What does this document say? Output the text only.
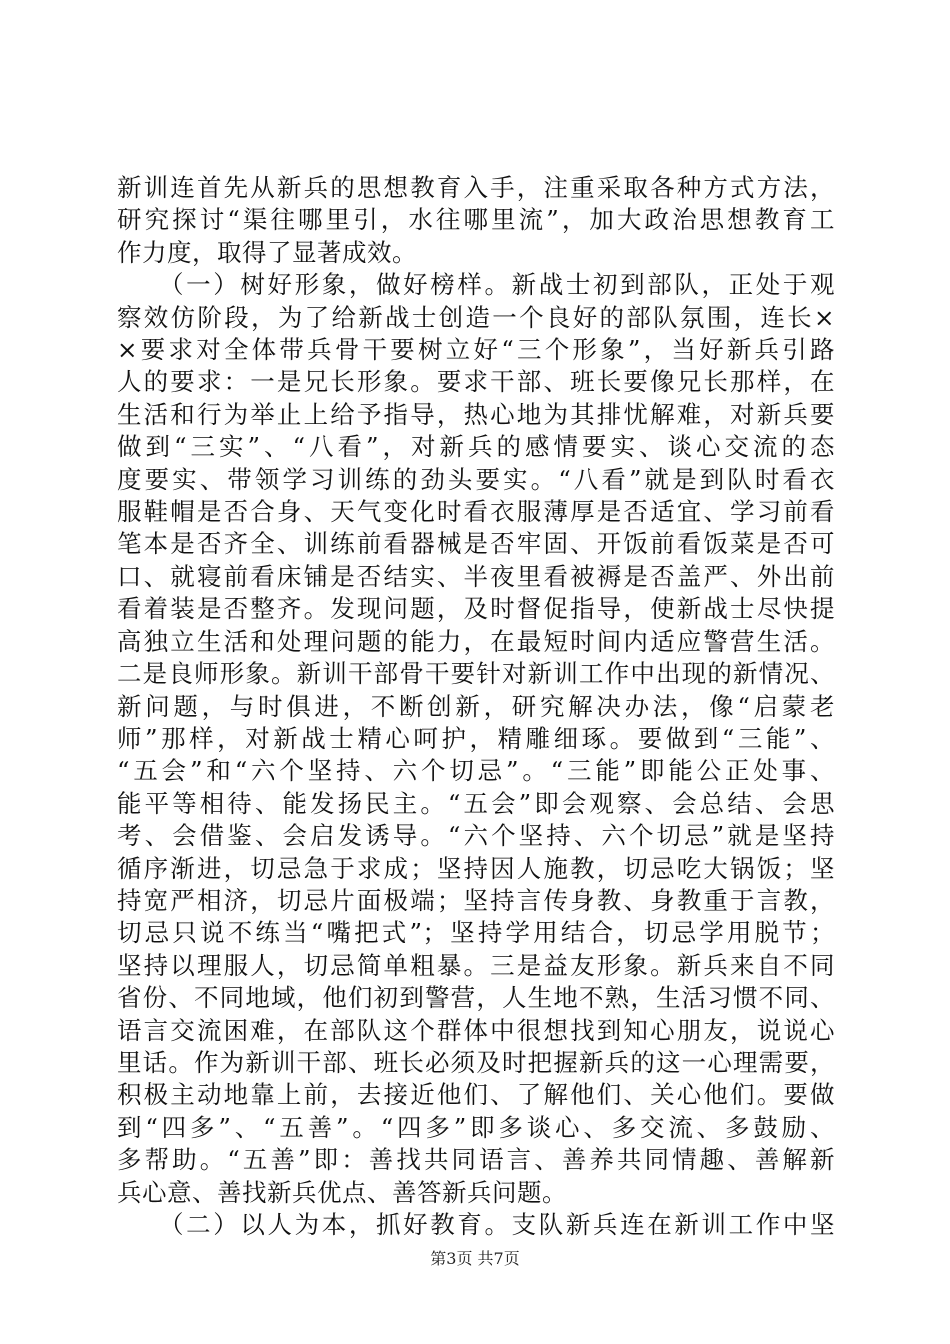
新训连首先从新兵的思想教育入手，注重采取各种方式方法，
研究探讨“渠往哪里引，水往哪里流”，加大政治思想教育工
作力度，取得了显著成效。
　　（一）树好形象，做好榜样。新战士初到部队，正处于观
察效仿阶段，为了给新战士创造一个良好的部队氛围，连长×
×要求对全体带兵骨干要树立好“三个形象”，当好新兵引路
人的要求：一是兄长形象。要求干部、班长要像兄长那样，在
生活和行为举止上给予指导，热心地为其排忧解难，对新兵要
做到“三实”、“八看”，对新兵的感情要实、谈心交流的态
度要实、带领学习训练的劲头要实。“八看”就是到队时看衣
服鞋帽是否合身、天气变化时看衣服薄厚是否适宜、学习前看
笔本是否齐全、训练前看器械是否牢固、开饭前看饭菜是否可
口、就寝前看床铺是否结实、半夜里看被褥是否盖严、外出前
看着装是否整齐。发现问题，及时督促指导，使新战士尽快提
高独立生活和处理问题的能力，在最短时间内适应警营生活。
二是良师形象。新训干部骨干要针对新训工作中出现的新情况、
新问题，与时俱进，不断创新，研究解决办法，像“启蒙老
师”那样，对新战士精心呵护，精雕细琢。要做到“三能”、
“五会”和“六个坚持、六个切忌”。“三能”即能公正处事、
能平等相待、能发扬民主。“五会”即会观察、会总结、会思
考、会借鉴、会启发诱导。“六个坚持、六个切忌”就是坚持
循序渐进，切忌急于求成；坚持因人施教，切忌吃大锅饭；坚
持宽严相济，切忌片面极端；坚持言传身教、身教重于言教，
切忌只说不练当“嘴把式”；坚持学用结合，切忌学用脱节；
坚持以理服人，切忌简单粗暴。三是益友形象。新兵来自不同
省份、不同地域，他们初到警营，人生地不熟，生活习惯不同、
语言交流困难，在部队这个群体中很想找到知心朋友，说说心
里话。作为新训干部、班长必须及时把握新兵的这一心理需要，
积极主动地靠上前，去接近他们、了解他们、关心他们。要做
到“四多”、“五善”。“四多”即多谈心、多交流、多鼓励、
多帮助。“五善”即：善找共同语言、善养共同情趣、善解新
兵心意、善找新兵优点、善答新兵问题。
　　（二）以人为本，抓好教育。支队新兵连在新训工作中坚
第3页 共7页
